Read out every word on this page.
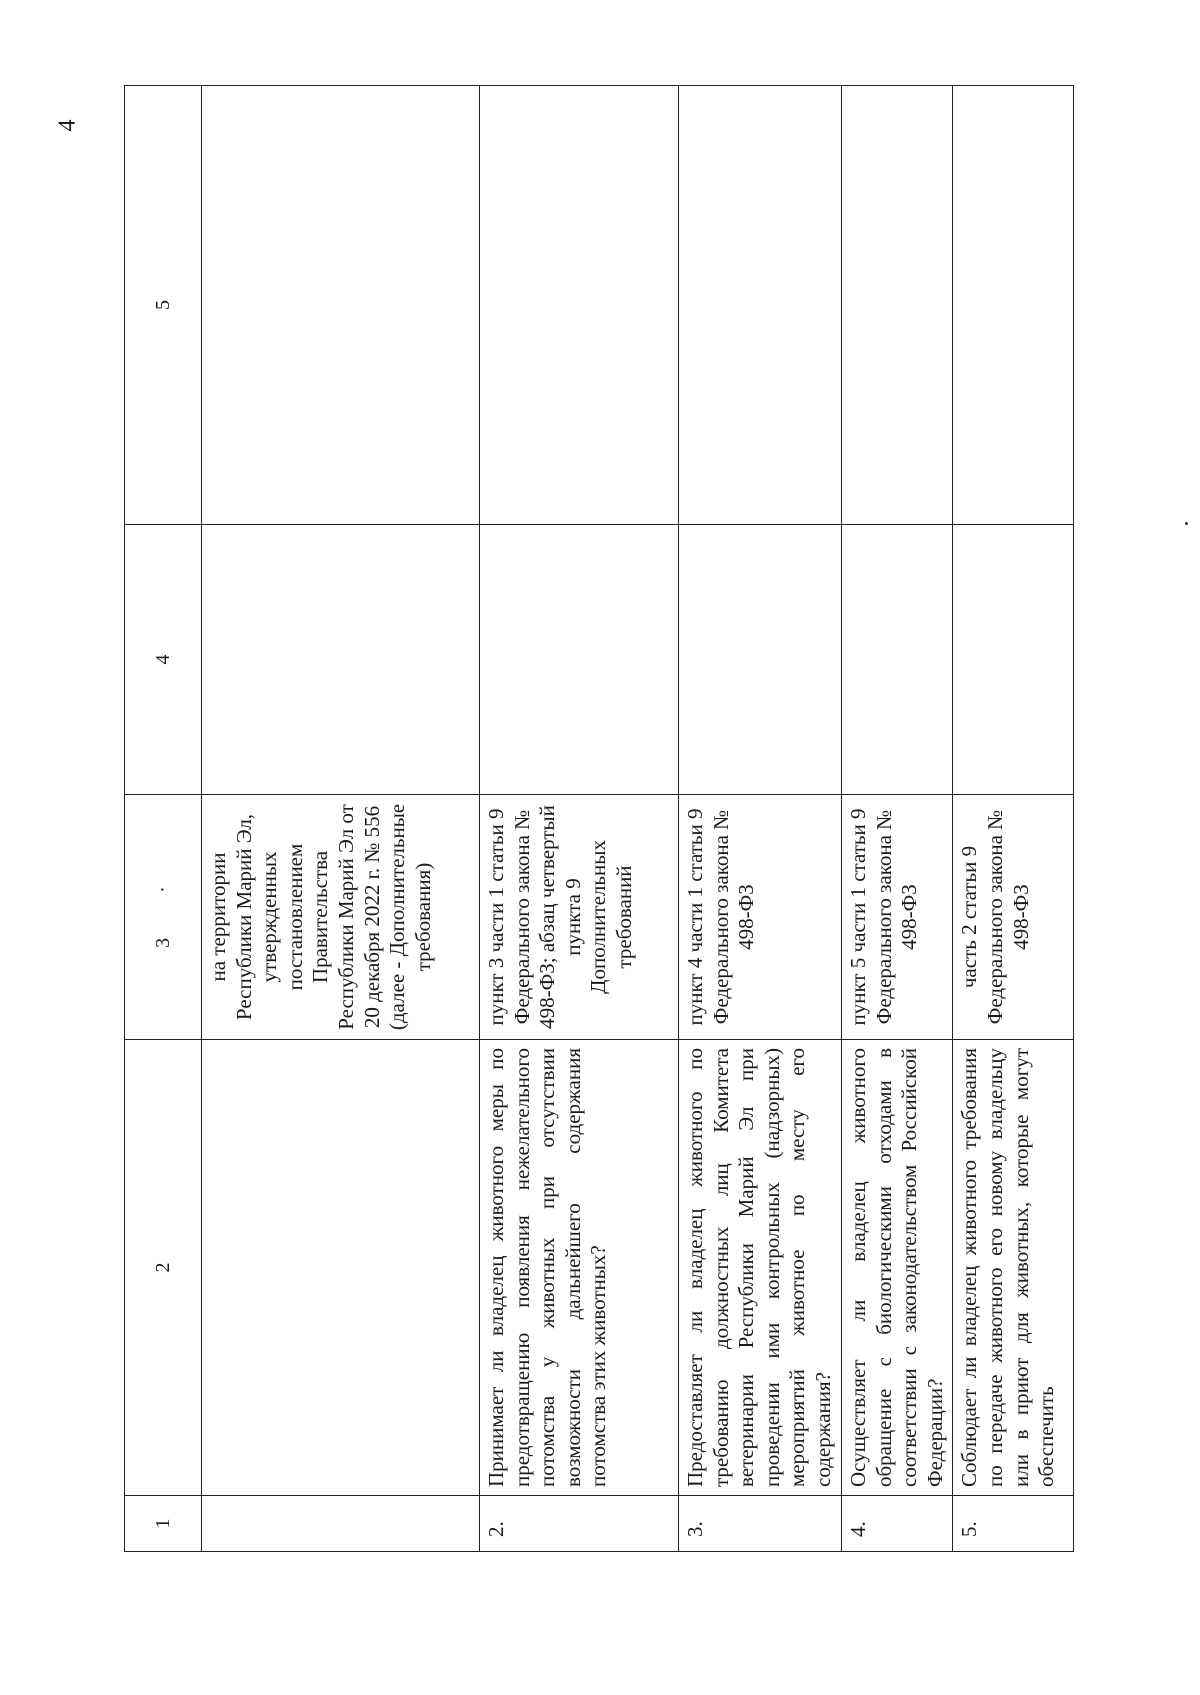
4
1	2	3 ·	4	5
		на территории Республики Марий Эл, утвержденных постановлением Правительства Республики Марий Эл от 20 декабря 2022 г. № 556 (далее - Дополнительные требования)		
2.	Принимает ли владелец животного меры по предотвращению появления нежелательного потомства у животных при отсутствии возможности дальнейшего содержания потомства этих животных?	пункт 3 части 1 статьи 9 Федерального закона № 498-ФЗ; абзац четвертый пункта 9 Дополнительных требований		
3.	Предоставляет ли владелец животного по требованию должностных лиц Комитета ветеринарии Республики Марий Эл при проведении ими контрольных (надзорных) мероприятий животное по месту его содержания?	пункт 4 части 1 статьи 9 Федерального закона № 498-ФЗ		
4.	Осуществляет ли владелец животного обращение с биологическими отходами в соответствии с законодательством Российской Федерации?	пункт 5 части 1 статьи 9 Федерального закона № 498-ФЗ		
5.	Соблюдает ли владелец животного требования по передаче животного его новому владельцу или в приют для животных, которые могут обеспечить	часть 2 статьи 9 Федерального закона № 498-ФЗ		
